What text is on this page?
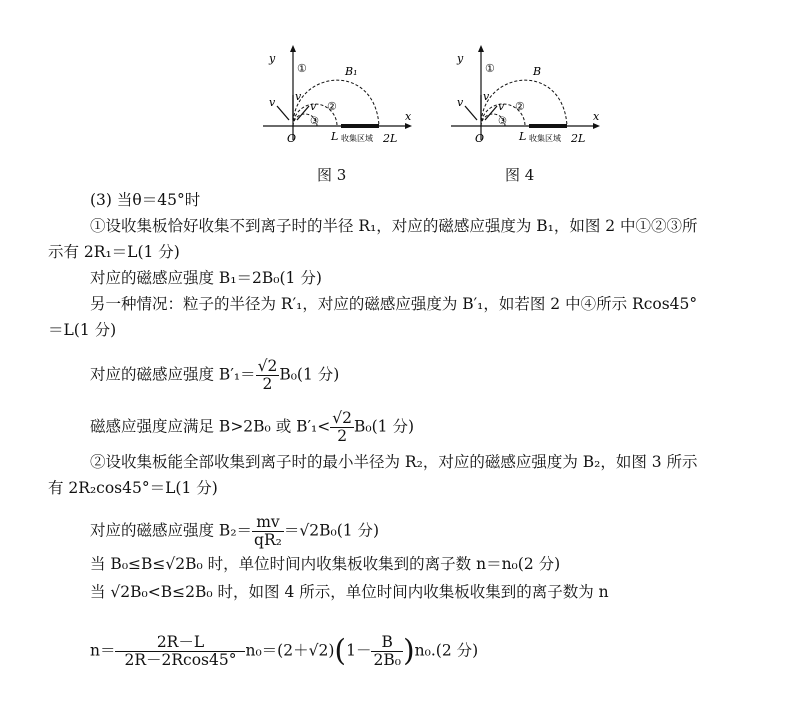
y
x
O	L 收集区域 2L
B₁
①
②
③
v
v	v
图 3
y
x
O	L 收集区域 2L
B
①
②
③
v
v	v
图 4
(3) 当θ＝45°时
①设收集板恰好收集不到离子时的半径 R₁，对应的磁感应强度为 B₁，如图 2 中①②③所
示有 2R₁＝L(1 分)
对应的磁感应强度 B₁＝2B₀(1 分)
另一种情况：粒子的半径为 R′₁，对应的磁感应强度为 B′₁，如若图 2 中④所示 Rcos45°
＝L(1 分)
对应的磁感应强度 $B'_1= \frac{√2}{2} B_0(1$ 分)
磁感应强度应满足 B>2B₀ 或 $B'_1< \frac{√2}{2} B_0(1$ 分)
②设收集板能全部收集到离子时的最小半径为 R₂，对应的磁感应强度为 B₂，如图 3 所示
有 2R₂cos45°＝L(1 分)
对应的磁感应强度 $B_2= \frac{mv}{\text{qR₂}} =√2B_0(1$ 分)
当 B₀≤B≤√2B₀ 时，单位时间内收集板收集到的离子数 n＝n₀(2 分)
当 √2B₀<B≤2B₀ 时，如图 4 所示，单位时间内收集板收集到的离子数为 n
$n= \frac{2R-L}{2R-2Rcos45^\circ} n_0=(2+√2)(1- \frac{B}{\text{2B₀}} )n_0.(2$ 分)
